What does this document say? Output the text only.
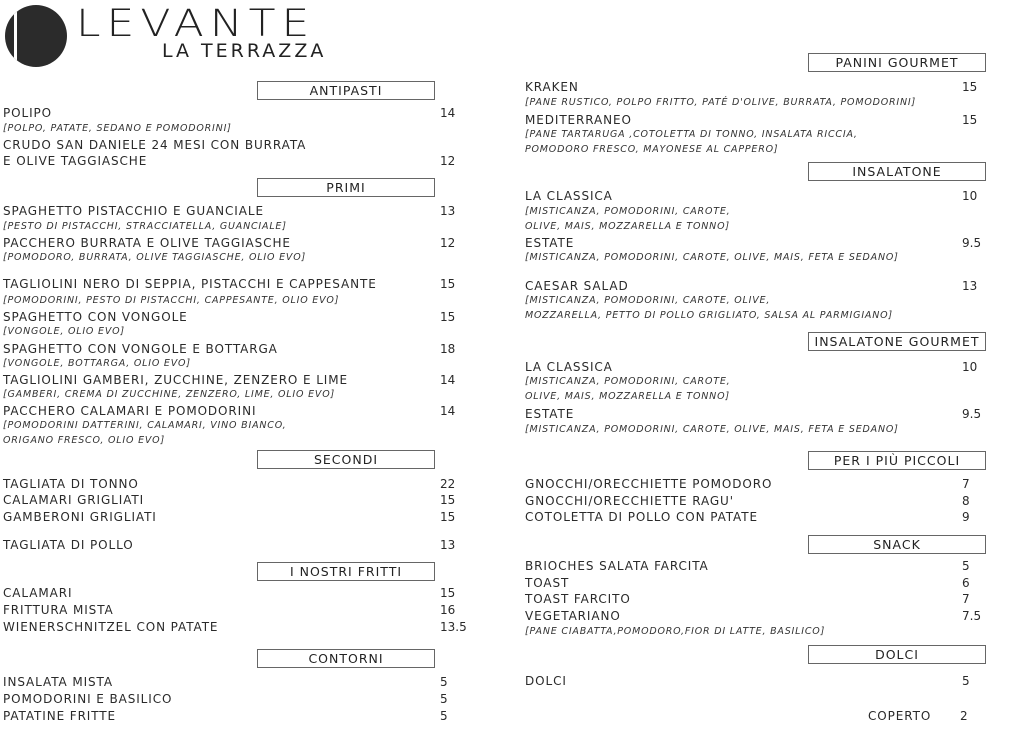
LEVANTE
LA TERRAZZA
ANTIPASTI
POLIPO	14
[POLPO, PATATE, SEDANO E POMODORINI]
CRUDO SAN DANIELE 24 MESI CON BURRATA
E OLIVE TAGGIASCHE	12
PRIMI
SPAGHETTO PISTACCHIO E GUANCIALE	13
[PESTO DI PISTACCHI, STRACCIATELLA, GUANCIALE]
PACCHERO BURRATA E OLIVE TAGGIASCHE	12
[POMODORO, BURRATA, OLIVE TAGGIASCHE, OLIO EVO]
TAGLIOLINI NERO DI SEPPIA, PISTACCHI E CAPPESANTE	15
[POMODORINI, PESTO DI PISTACCHI, CAPPESANTE, OLIO EVO]
SPAGHETTO CON VONGOLE	15
[VONGOLE, OLIO EVO]
SPAGHETTO CON VONGOLE E BOTTARGA	18
[VONGOLE, BOTTARGA, OLIO EVO]
TAGLIOLINI GAMBERI, ZUCCHINE, ZENZERO E LIME	14
[GAMBERI, CREMA DI ZUCCHINE, ZENZERO, LIME, OLIO EVO]
PACCHERO CALAMARI E POMODORINI	14
[POMODORINI DATTERINI, CALAMARI, VINO BIANCO,
ORIGANO FRESCO, OLIO EVO]
SECONDI
TAGLIATA DI TONNO	22
CALAMARI GRIGLIATI	15
GAMBERONI GRIGLIATI	15
TAGLIATA DI POLLO	13
I NOSTRI FRITTI
CALAMARI	15
FRITTURA MISTA	16
WIENERSCHNITZEL CON PATATE	13.5
CONTORNI
INSALATA MISTA	5
POMODORINI E BASILICO	5
PATATINE FRITTE	5
PANINI GOURMET
KRAKEN	15
[PANE RUSTICO, POLPO FRITTO, PATÉ D'OLIVE, BURRATA, POMODORINI]
MEDITERRANEO	15
[PANE TARTARUGA ,COTOLETTA DI TONNO, INSALATA RICCIA,
POMODORO FRESCO, MAYONESE AL CAPPERO]
INSALATONE
LA CLASSICA	10
[MISTICANZA, POMODORINI, CAROTE,
OLIVE, MAIS, MOZZARELLA E TONNO]
ESTATE	9.5
[MISTICANZA, POMODORINI, CAROTE, OLIVE, MAIS, FETA E SEDANO]
CAESAR SALAD	13
[MISTICANZA, POMODORINI, CAROTE, OLIVE,
MOZZARELLA, PETTO DI POLLO GRIGLIATO, SALSA AL PARMIGIANO]
INSALATONE GOURMET
LA CLASSICA	10
[MISTICANZA, POMODORINI, CAROTE,
OLIVE, MAIS, MOZZARELLA E TONNO]
ESTATE	9.5
[MISTICANZA, POMODORINI, CAROTE, OLIVE, MAIS, FETA E SEDANO]
PER I PIÙ PICCOLI
GNOCCHI/ORECCHIETTE POMODORO	7
GNOCCHI/ORECCHIETTE RAGU'	8
COTOLETTA DI POLLO CON PATATE	9
SNACK
BRIOCHES SALATA FARCITA	5
TOAST	6
TOAST FARCITO	7
VEGETARIANO	7.5
[PANE CIABATTA,POMODORO,FIOR DI LATTE, BASILICO]
DOLCI
DOLCI	5
COPERTO 2
